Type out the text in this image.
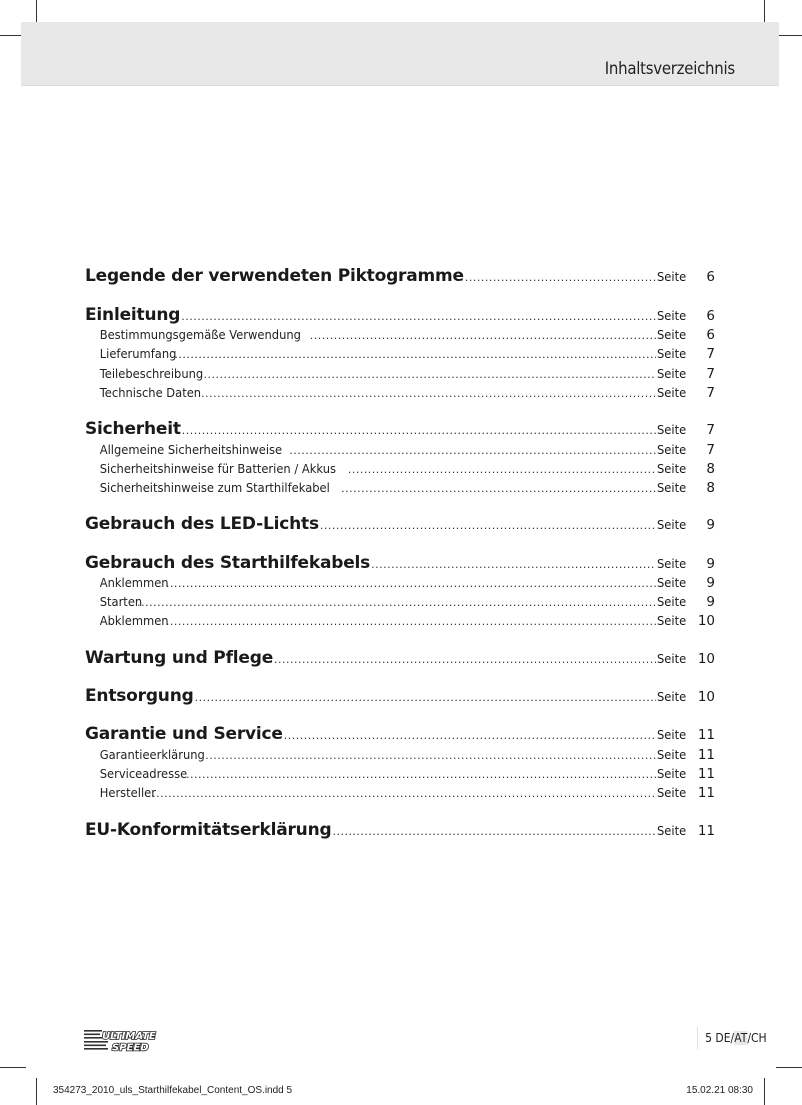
Inhaltsverzeichnis
Legende der verwendeten Piktogramme .....	Seite	6
Einleitung .....	Seite	6
Bestimmungsgemäße Verwendung .....	Seite	6
Lieferumfang .....	Seite	7
Teilebeschreibung .....	Seite	7
Technische Daten .....	Seite	7
Sicherheit .....	Seite	7
Allgemeine Sicherheitshinweise .....	Seite	7
Sicherheitshinweise für Batterien / Akkus .....	Seite	8
Sicherheitshinweise zum Starthilfekabel .....	Seite	8
Gebrauch des LED-Lichts .....	Seite	9
Gebrauch des Starthilfekabels .....	Seite	9
Anklemmen .....	Seite	9
Starten .....	Seite	9
Abklemmen .....	Seite 10
Wartung und Pflege .....	Seite 10
Entsorgung .....	Seite 10
Garantie und Service .....	Seite 11
Garantieerklärung .....	Seite 11
Serviceadresse .....	Seite 11
Hersteller .....	Seite 11
EU-Konformitätserklärung .....	Seite 11
ULTIMATE
SPEED
5 DE/AT/CH
354273_2010_uls_Starthilfekabel_Content_OS.indd 5	15.02.21 08:30
